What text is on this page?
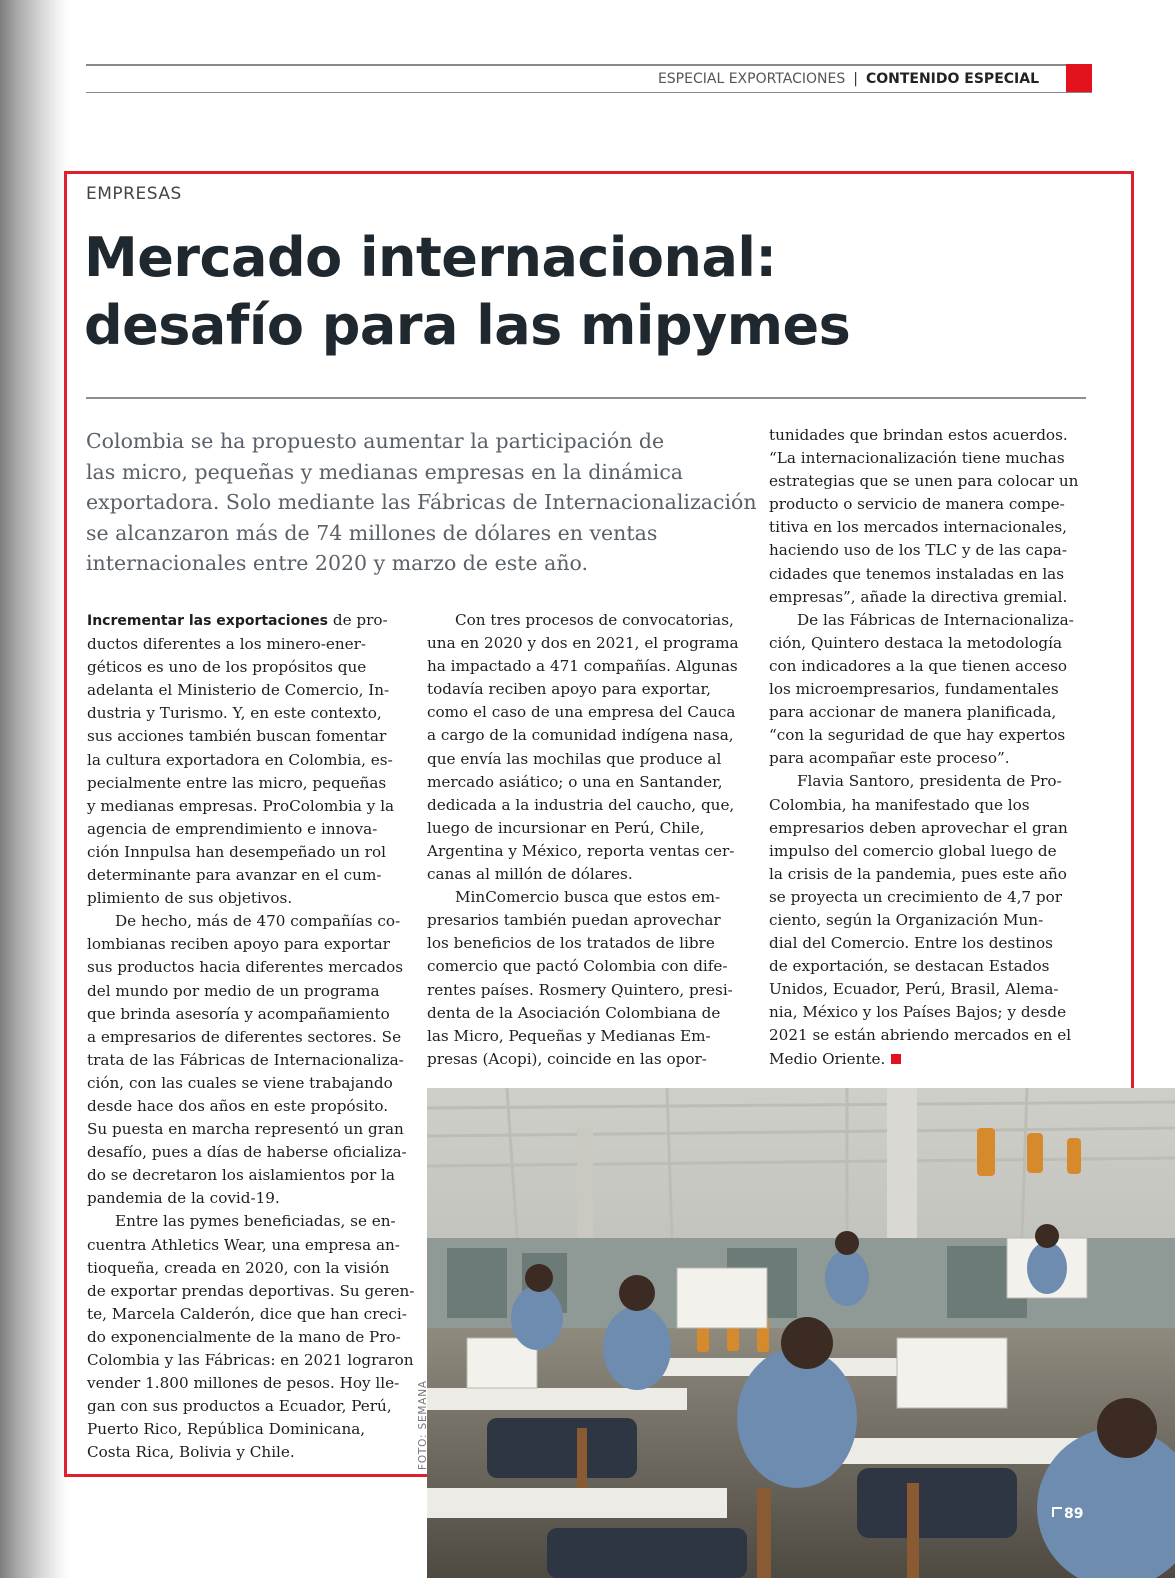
ESPECIAL EXPORTACIONES | CONTENIDO ESPECIAL
EMPRESAS
Mercado internacional:
desafío para las mipymes
Colombia se ha propuesto aumentar la participación de
las micro, pequeñas y medianas empresas en la dinámica
exportadora. Solo mediante las Fábricas de Internacionalización
se alcanzaron más de 74 millones de dólares en ventas
internacionales entre 2020 y marzo de este año.
Incrementar las exportaciones de pro-
ductos diferentes a los minero-ener-
géticos es uno de los propósitos que
adelanta el Ministerio de Comercio, In-
dustria y Turismo. Y, en este contexto,
sus acciones también buscan fomentar
la cultura exportadora en Colombia, es-
pecialmente entre las micro, pequeñas
y medianas empresas. ProColombia y la
agencia de emprendimiento e innova-
ción Innpulsa han desempeñado un rol
determinante para avanzar en el cum-
plimiento de sus objetivos.
De hecho, más de 470 compañías co-
lombianas reciben apoyo para exportar
sus productos hacia diferentes mercados
del mundo por medio de un programa
que brinda asesoría y acompañamiento
a empresarios de diferentes sectores. Se
trata de las Fábricas de Internacionaliza-
ción, con las cuales se viene trabajando
desde hace dos años en este propósito.
Su puesta en marcha representó un gran
desafío, pues a días de haberse oficializa-
do se decretaron los aislamientos por la
pandemia de la covid-19.
Entre las pymes beneficiadas, se en-
cuentra Athletics Wear, una empresa an-
tioqueña, creada en 2020, con la visión
de exportar prendas deportivas. Su geren-
te, Marcela Calderón, dice que han creci-
do exponencialmente de la mano de Pro-
Colombia y las Fábricas: en 2021 lograron
vender 1.800 millones de pesos. Hoy lle-
gan con sus productos a Ecuador, Perú,
Puerto Rico, República Dominicana,
Costa Rica, Bolivia y Chile.
Con tres procesos de convocatorias,
una en 2020 y dos en 2021, el programa
ha impactado a 471 compañías. Algunas
todavía reciben apoyo para exportar,
como el caso de una empresa del Cauca
a cargo de la comunidad indígena nasa,
que envía las mochilas que produce al
mercado asiático; o una en Santander,
dedicada a la industria del caucho, que,
luego de incursionar en Perú, Chile,
Argentina y México, reporta ventas cer-
canas al millón de dólares.
MinComercio busca que estos em-
presarios también puedan aprovechar
los beneficios de los tratados de libre
comercio que pactó Colombia con dife-
rentes países. Rosmery Quintero, presi-
denta de la Asociación Colombiana de
las Micro, Pequeñas y Medianas Em-
presas (Acopi), coincide en las opor-
tunidades que brindan estos acuerdos.
“La internacionalización tiene muchas
estrategias que se unen para colocar un
producto o servicio de manera compe-
titiva en los mercados internacionales,
haciendo uso de los TLC y de las capa-
cidades que tenemos instaladas en las
empresas”, añade la directiva gremial.
De las Fábricas de Internacionaliza-
ción, Quintero destaca la metodología
con indicadores a la que tienen acceso
los microempresarios, fundamentales
para accionar de manera planificada,
“con la seguridad de que hay expertos
para acompañar este proceso”.
Flavia Santoro, presidenta de Pro-
Colombia, ha manifestado que los
empresarios deben aprovechar el gran
impulso del comercio global luego de
la crisis de la pandemia, pues este año
se proyecta un crecimiento de 4,7 por
ciento, según la Organización Mun-
dial del Comercio. Entre los destinos
de exportación, se destacan Estados
Unidos, Ecuador, Perú, Brasil, Alema-
nia, México y los Países Bajos; y desde
2021 se están abriendo mercados en el
Medio Oriente.
FOTO: SEMANA
89
